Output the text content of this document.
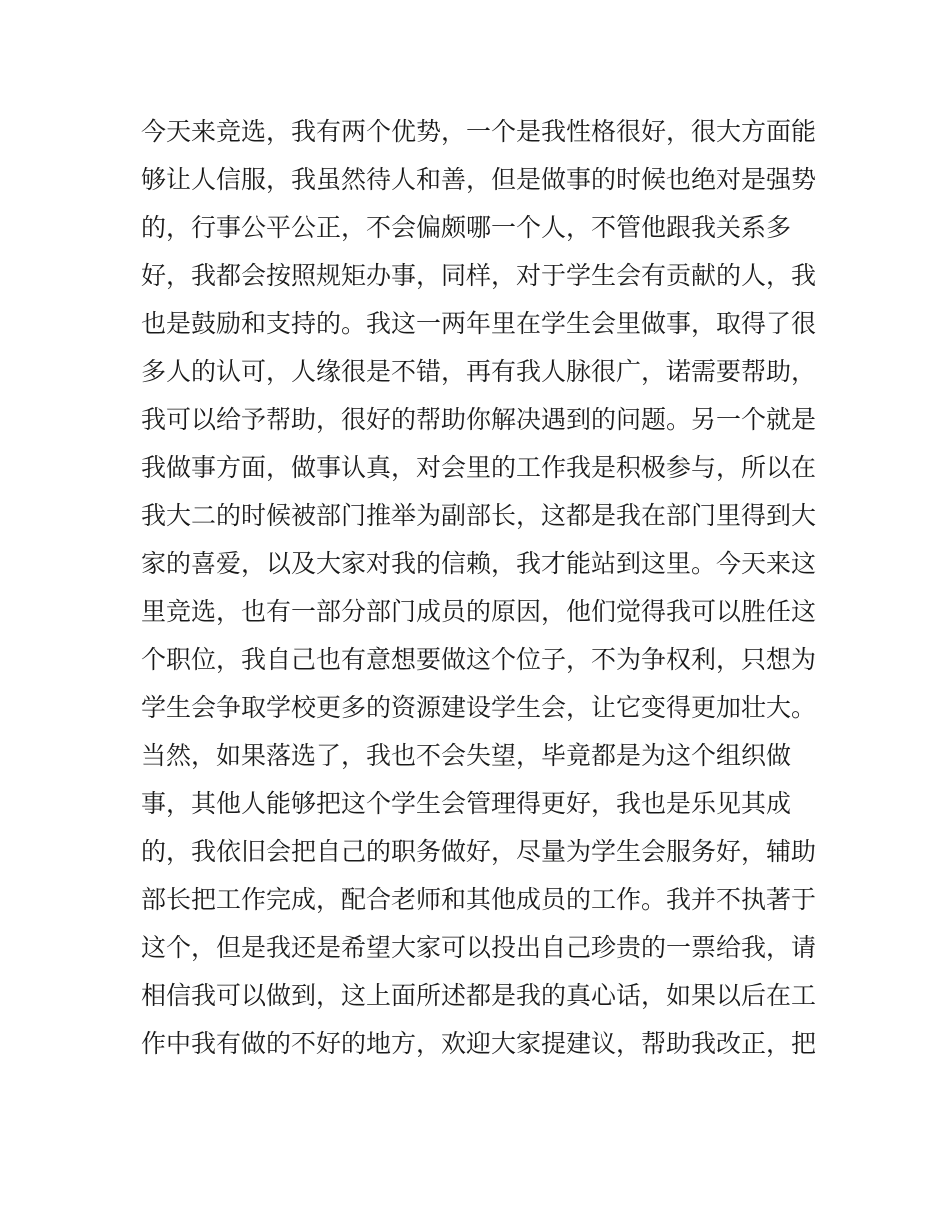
今天来竞选，我有两个优势，一个是我性格很好，很大方面能
够让人信服，我虽然待人和善，但是做事的时候也绝对是强势
的，行事公平公正，不会偏颇哪一个人，不管他跟我关系多
好，我都会按照规矩办事，同样，对于学生会有贡献的人，我
也是鼓励和支持的。我这一两年里在学生会里做事，取得了很
多人的认可，人缘很是不错，再有我人脉很广，诺需要帮助，
我可以给予帮助，很好的帮助你解决遇到的问题。另一个就是
我做事方面，做事认真，对会里的工作我是积极参与，所以在
我大二的时候被部门推举为副部长，这都是我在部门里得到大
家的喜爱，以及大家对我的信赖，我才能站到这里。今天来这
里竞选，也有一部分部门成员的原因，他们觉得我可以胜任这
个职位，我自己也有意想要做这个位子，不为争权利，只想为
学生会争取学校更多的资源建设学生会，让它变得更加壮大。
当然，如果落选了，我也不会失望，毕竟都是为这个组织做
事，其他人能够把这个学生会管理得更好，我也是乐见其成
的，我依旧会把自己的职务做好，尽量为学生会服务好，辅助
部长把工作完成，配合老师和其他成员的工作。我并不执著于
这个，但是我还是希望大家可以投出自己珍贵的一票给我，请
相信我可以做到，这上面所述都是我的真心话，如果以后在工
作中我有做的不好的地方，欢迎大家提建议，帮助我改正，把
